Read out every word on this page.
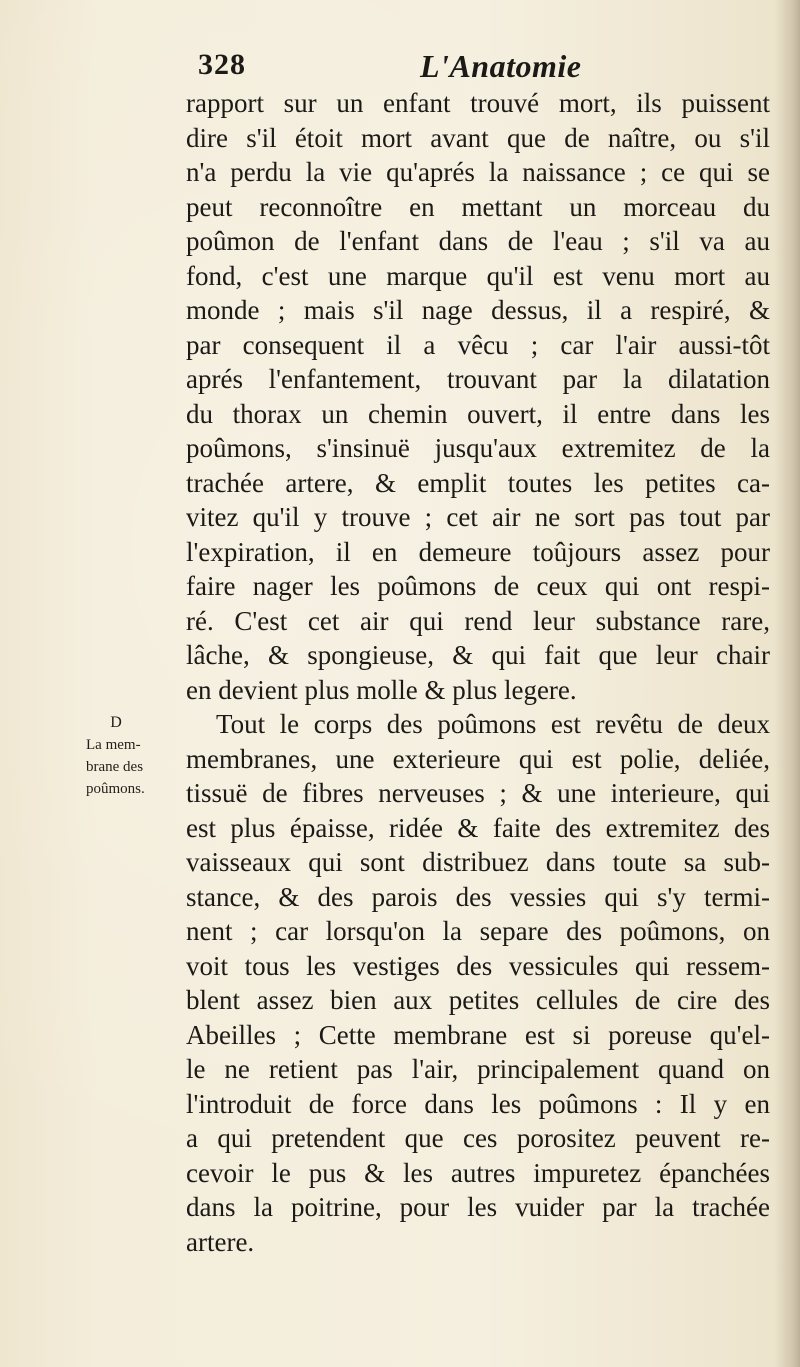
328	L'Anatomie
D
La mem-
brane des
poûmons.
rapport sur un enfant trouvé mort, ils puissent
dire s'il étoit mort avant que de naître, ou s'il
n'a perdu la vie qu'aprés la naissance ; ce qui se
peut reconnoître en mettant un morceau du
poûmon de l'enfant dans de l'eau ; s'il va au
fond, c'est une marque qu'il est venu mort au
monde ; mais s'il nage dessus, il a respiré, &
par consequent il a vêcu ; car l'air aussi-tôt
aprés l'enfantement, trouvant par la dilatation
du thorax un chemin ouvert, il entre dans les
poûmons, s'insinuë jusqu'aux extremitez de la
trachée artere, & emplit toutes les petites ca-
vitez qu'il y trouve ; cet air ne sort pas tout par
l'expiration, il en demeure toûjours assez pour
faire nager les poûmons de ceux qui ont respi-
ré. C'est cet air qui rend leur substance rare,
lâche, & spongieuse, & qui fait que leur chair
en devient plus molle & plus legere.
Tout le corps des poûmons est revêtu de deux
membranes, une exterieure qui est polie, deliée,
tissuë de fibres nerveuses ; & une interieure, qui
est plus épaisse, ridée & faite des extremitez des
vaisseaux qui sont distribuez dans toute sa sub-
stance, & des parois des vessies qui s'y termi-
nent ; car lorsqu'on la separe des poûmons, on
voit tous les vestiges des vessicules qui ressem-
blent assez bien aux petites cellules de cire des
Abeilles ; Cette membrane est si poreuse qu'el-
le ne retient pas l'air, principalement quand on
l'introduit de force dans les poûmons : Il y en
a qui pretendent que ces porositez peuvent re-
cevoir le pus & les autres impuretez épanchées
dans la poitrine, pour les vuider par la trachée
artere.
